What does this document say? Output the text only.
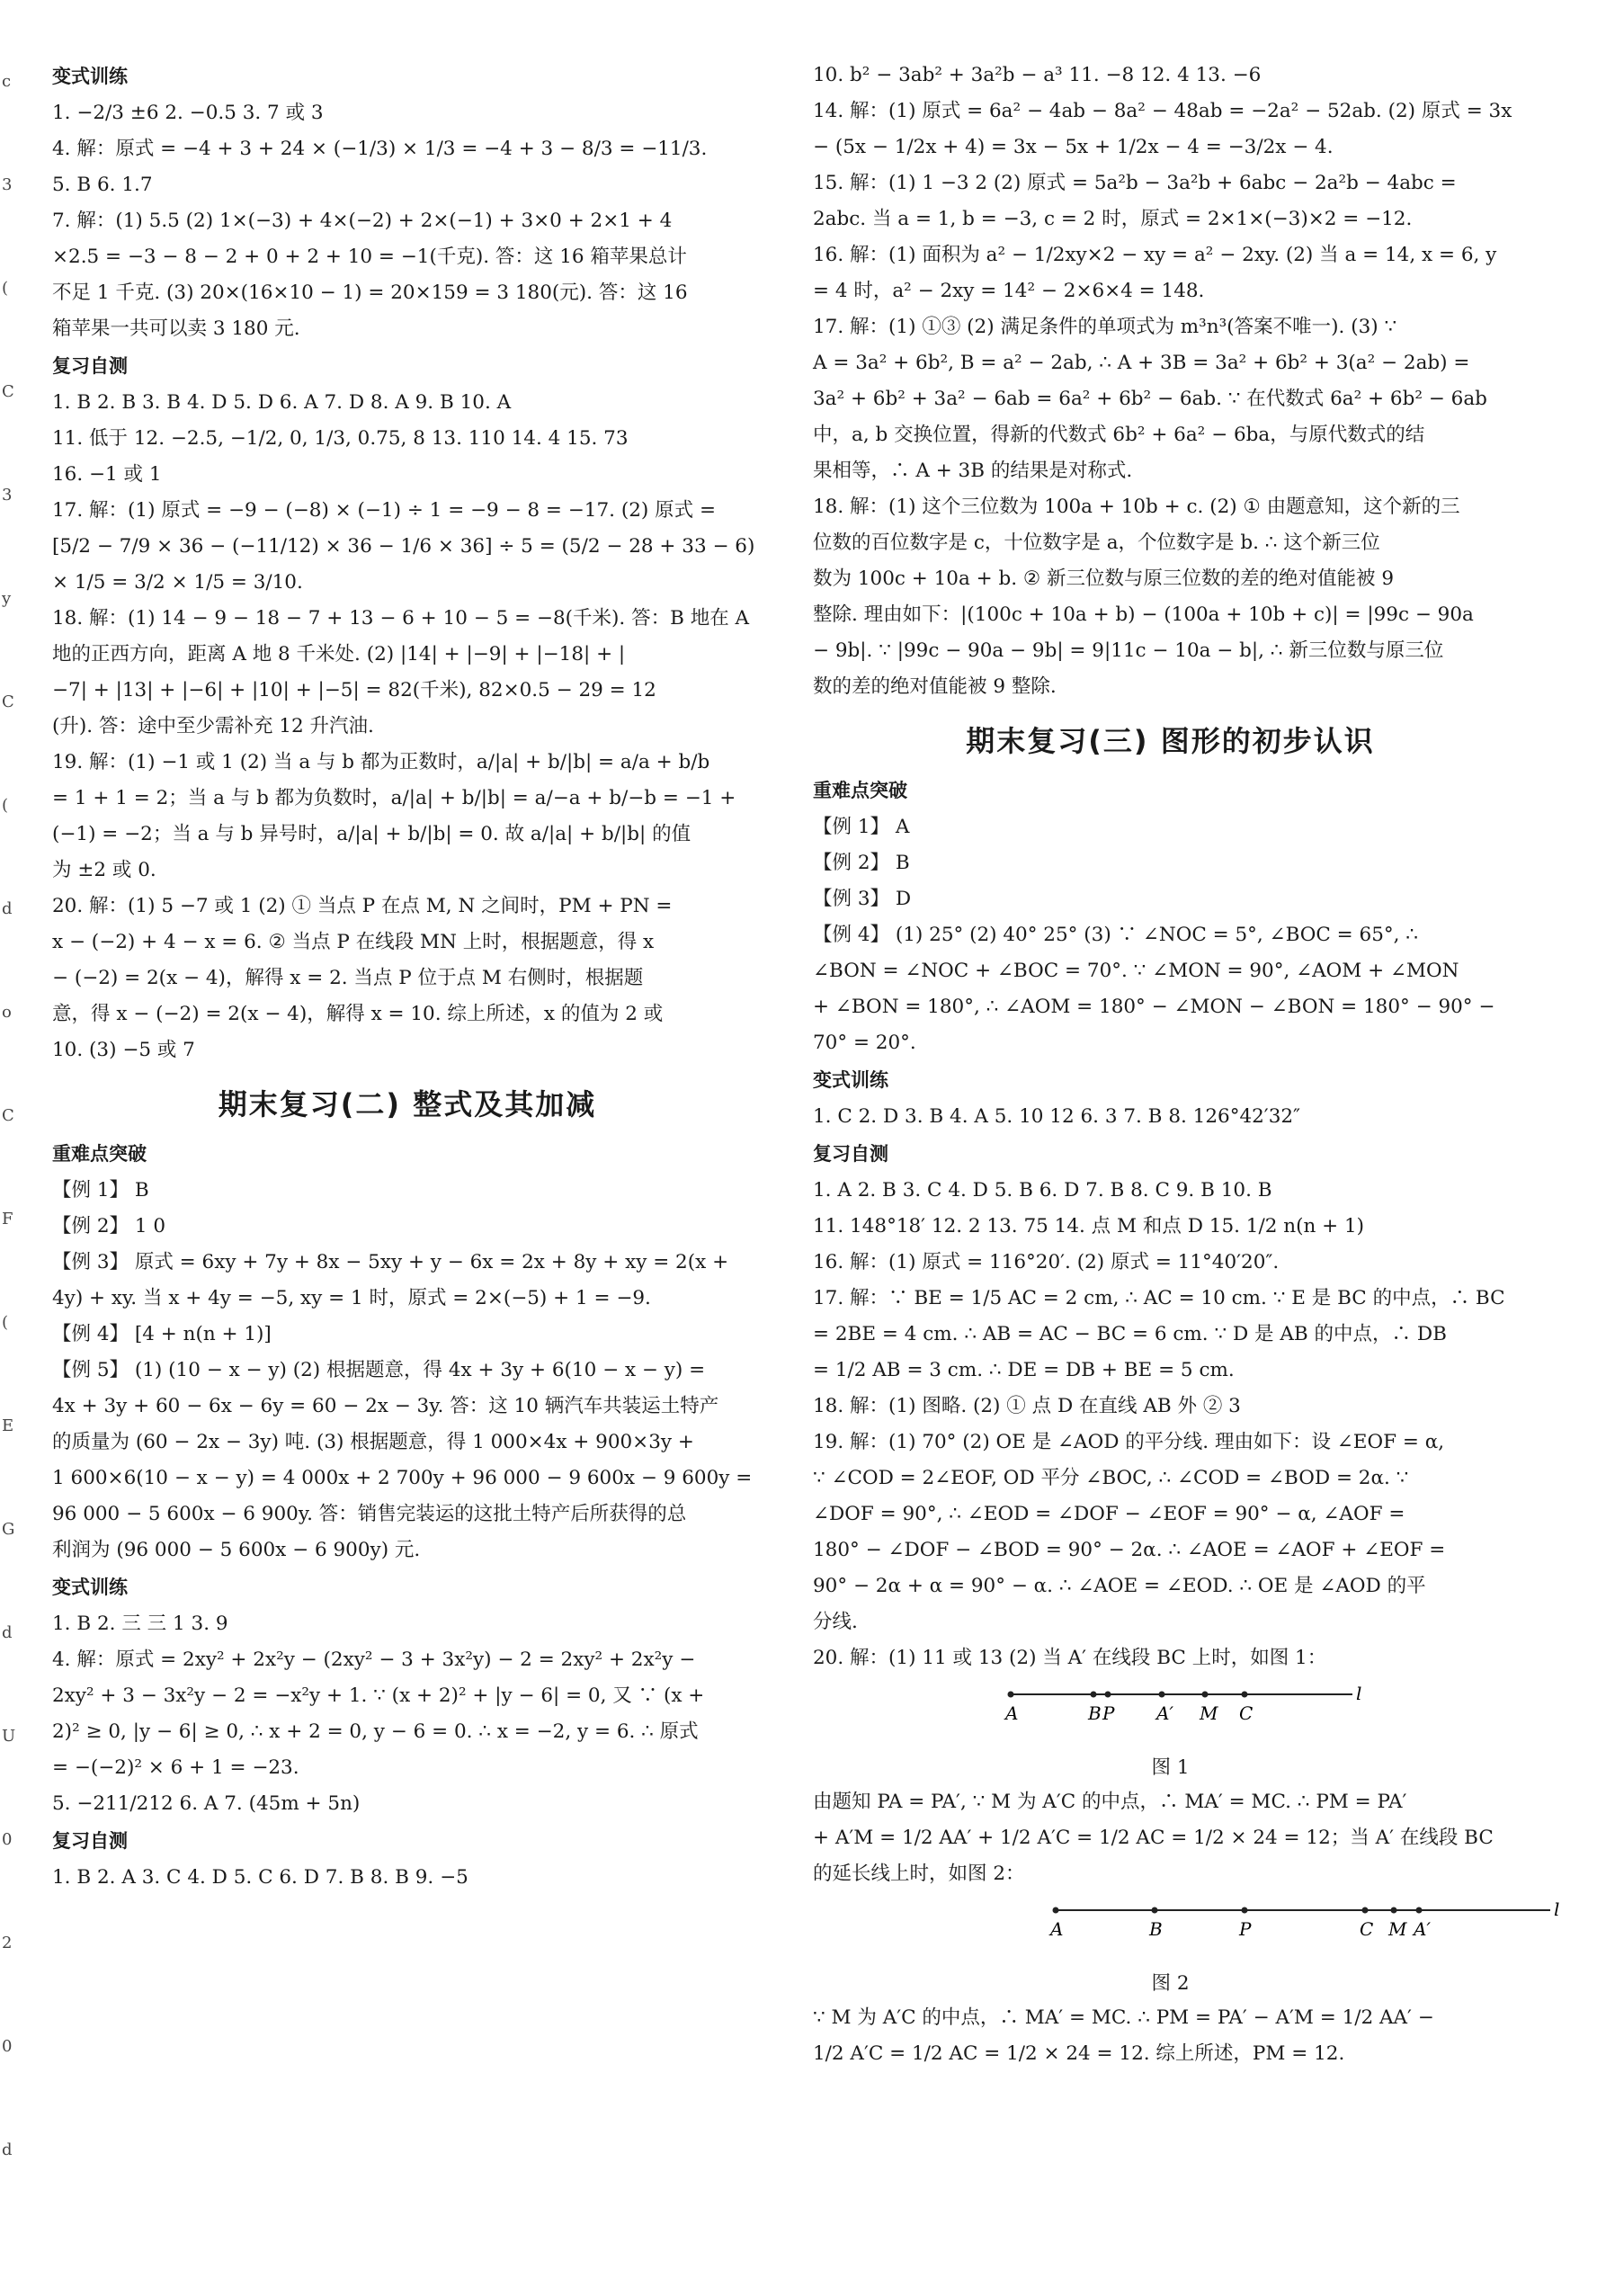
c
3
(
C
3
y
C
(
d
o
C
F
(
E
G
d
U
0
2
0
d
变式训练

1. −2/3 ±6 2. −0.5 3. 7 或 3

4. 解：原式 = −4 + 3 + 24 × (−1/3) × 1/3 = −4 + 3 − 8/3 = −11/3.

5. B 6. 1.7

7. 解：(1) 5.5 (2) 1×(−3) + 4×(−2) + 2×(−1) + 3×0 + 2×1 + 4

×2.5 = −3 − 8 − 2 + 0 + 2 + 10 = −1(千克). 答：这 16 箱苹果总计

不足 1 千克. (3) 20×(16×10 − 1) = 20×159 = 3 180(元). 答：这 16

箱苹果一共可以卖 3 180 元.

复习自测

1. B 2. B 3. B 4. D 5. D 6. A 7. D 8. A 9. B 10. A

11. 低于 12. −2.5, −1/2, 0, 1/3, 0.75, 8 13. 110 14. 4 15. 73

16. −1 或 1

17. 解：(1) 原式 = −9 − (−8) × (−1) ÷ 1 = −9 − 8 = −17. (2) 原式 =

[5/2 − 7/9 × 36 − (−11/12) × 36 − 1/6 × 36] ÷ 5 = (5/2 − 28 + 33 − 6)

× 1/5 = 3/2 × 1/5 = 3/10.

18. 解：(1) 14 − 9 − 18 − 7 + 13 − 6 + 10 − 5 = −8(千米). 答：B 地在 A

地的正西方向，距离 A 地 8 千米处. (2) |14| + |−9| + |−18| + |

−7| + |13| + |−6| + |10| + |−5| = 82(千米), 82×0.5 − 29 = 12

(升). 答：途中至少需补充 12 升汽油.

19. 解：(1) −1 或 1 (2) 当 a 与 b 都为正数时，a/|a| + b/|b| = a/a + b/b

= 1 + 1 = 2；当 a 与 b 都为负数时，a/|a| + b/|b| = a/−a + b/−b = −1 +

(−1) = −2；当 a 与 b 异号时，a/|a| + b/|b| = 0. 故 a/|a| + b/|b| 的值

为 ±2 或 0.

20. 解：(1) 5 −7 或 1 (2) ① 当点 P 在点 M, N 之间时，PM + PN =

x − (−2) + 4 − x = 6. ② 当点 P 在线段 MN 上时，根据题意，得 x

− (−2) = 2(x − 4)，解得 x = 2. 当点 P 位于点 M 右侧时，根据题

意，得 x − (−2) = 2(x − 4)，解得 x = 10. 综上所述，x 的值为 2 或

10. (3) −5 或 7

期末复习(二) 整式及其加减
重难点突破

【例 1】 B

【例 2】 1 0

【例 3】 原式 = 6xy + 7y + 8x − 5xy + y − 6x = 2x + 8y + xy = 2(x +

4y) + xy. 当 x + 4y = −5, xy = 1 时，原式 = 2×(−5) + 1 = −9.

【例 4】 [4 + n(n + 1)]

【例 5】 (1) (10 − x − y) (2) 根据题意，得 4x + 3y + 6(10 − x − y) =

4x + 3y + 60 − 6x − 6y = 60 − 2x − 3y. 答：这 10 辆汽车共装运土特产

的质量为 (60 − 2x − 3y) 吨. (3) 根据题意，得 1 000×4x + 900×3y +

1 600×6(10 − x − y) = 4 000x + 2 700y + 96 000 − 9 600x − 9 600y =

96 000 − 5 600x − 6 900y. 答：销售完装运的这批土特产后所获得的总

利润为 (96 000 − 5 600x − 6 900y) 元.

变式训练

1. B 2. 三 三 1 3. 9

4. 解：原式 = 2xy² + 2x²y − (2xy² − 3 + 3x²y) − 2 = 2xy² + 2x²y −

2xy² + 3 − 3x²y − 2 = −x²y + 1. ∵ (x + 2)² + |y − 6| = 0, 又 ∵ (x +

2)² ≥ 0, |y − 6| ≥ 0, ∴ x + 2 = 0, y − 6 = 0. ∴ x = −2, y = 6. ∴ 原式

= −(−2)² × 6 + 1 = −23.

5. −211/212 6. A 7. (45m + 5n)

复习自测

1. B 2. A 3. C 4. D 5. C 6. D 7. B 8. B 9. −5

10. b² − 3ab² + 3a²b − a³ 11. −8 12. 4 13. −6

14. 解：(1) 原式 = 6a² − 4ab − 8a² − 48ab = −2a² − 52ab. (2) 原式 = 3x

− (5x − 1/2x + 4) = 3x − 5x + 1/2x − 4 = −3/2x − 4.

15. 解：(1) 1 −3 2 (2) 原式 = 5a²b − 3a²b + 6abc − 2a²b − 4abc =

2abc. 当 a = 1, b = −3, c = 2 时，原式 = 2×1×(−3)×2 = −12.

16. 解：(1) 面积为 a² − 1/2xy×2 − xy = a² − 2xy. (2) 当 a = 14, x = 6, y

= 4 时，a² − 2xy = 14² − 2×6×4 = 148.

17. 解：(1) ①③ (2) 满足条件的单项式为 m³n³(答案不唯一). (3) ∵

A = 3a² + 6b², B = a² − 2ab, ∴ A + 3B = 3a² + 6b² + 3(a² − 2ab) =

3a² + 6b² + 3a² − 6ab = 6a² + 6b² − 6ab. ∵ 在代数式 6a² + 6b² − 6ab

中，a, b 交换位置，得新的代数式 6b² + 6a² − 6ba，与原代数式的结

果相等，∴ A + 3B 的结果是对称式.

18. 解：(1) 这个三位数为 100a + 10b + c. (2) ① 由题意知，这个新的三

位数的百位数字是 c，十位数字是 a，个位数字是 b. ∴ 这个新三位

数为 100c + 10a + b. ② 新三位数与原三位数的差的绝对值能被 9

整除. 理由如下：|(100c + 10a + b) − (100a + 10b + c)| = |99c − 90a

− 9b|. ∵ |99c − 90a − 9b| = 9|11c − 10a − b|, ∴ 新三位数与原三位

数的差的绝对值能被 9 整除.

期末复习(三) 图形的初步认识
重难点突破

【例 1】 A

【例 2】 B

【例 3】 D

【例 4】 (1) 25° (2) 40° 25° (3) ∵ ∠NOC = 5°, ∠BOC = 65°, ∴

∠BON = ∠NOC + ∠BOC = 70°. ∵ ∠MON = 90°, ∠AOM + ∠MON

+ ∠BON = 180°, ∴ ∠AOM = 180° − ∠MON − ∠BON = 180° − 90° −

70° = 20°.

变式训练

1. C 2. D 3. B 4. A 5. 10 12 6. 3 7. B 8. 126°42′32″

复习自测

1. A 2. B 3. C 4. D 5. B 6. D 7. B 8. C 9. B 10. B

11. 148°18′ 12. 2 13. 75 14. 点 M 和点 D 15. 1/2 n(n + 1)

16. 解：(1) 原式 = 116°20′. (2) 原式 = 11°40′20″.

17. 解：∵ BE = 1/5 AC = 2 cm, ∴ AC = 10 cm. ∵ E 是 BC 的中点，∴ BC

= 2BE = 4 cm. ∴ AB = AC − BC = 6 cm. ∵ D 是 AB 的中点，∴ DB

= 1/2 AB = 3 cm. ∴ DE = DB + BE = 5 cm.

18. 解：(1) 图略. (2) ① 点 D 在直线 AB 外 ② 3

19. 解：(1) 70° (2) OE 是 ∠AOD 的平分线. 理由如下：设 ∠EOF = α,

∵ ∠COD = 2∠EOF, OD 平分 ∠BOC, ∴ ∠COD = ∠BOD = 2α. ∵

∠DOF = 90°, ∴ ∠EOD = ∠DOF − ∠EOF = 90° − α, ∠AOF =

180° − ∠DOF − ∠BOD = 90° − 2α. ∴ ∠AOE = ∠AOF + ∠EOF =

90° − 2α + α = 90° − α. ∴ ∠AOE = ∠EOD. ∴ OE 是 ∠AOD 的平

分线.

20. 解：(1) 11 或 13 (2) 当 A′ 在线段 BC 上时，如图 1：

A	B P A′ M C
l

图 1

由题知 PA = PA′, ∵ M 为 A′C 的中点，∴ MA′ = MC. ∴ PM = PA′

+ A′M = 1/2 AA′ + 1/2 A′C = 1/2 AC = 1/2 × 24 = 12；当 A′ 在线段 BC

的延长线上时，如图 2：

A	B	P	C M A′
l

图 2

∵ M 为 A′C 的中点，∴ MA′ = MC. ∴ PM = PA′ − A′M = 1/2 AA′ −

1/2 A′C = 1/2 AC = 1/2 × 24 = 12. 综上所述，PM = 12.
